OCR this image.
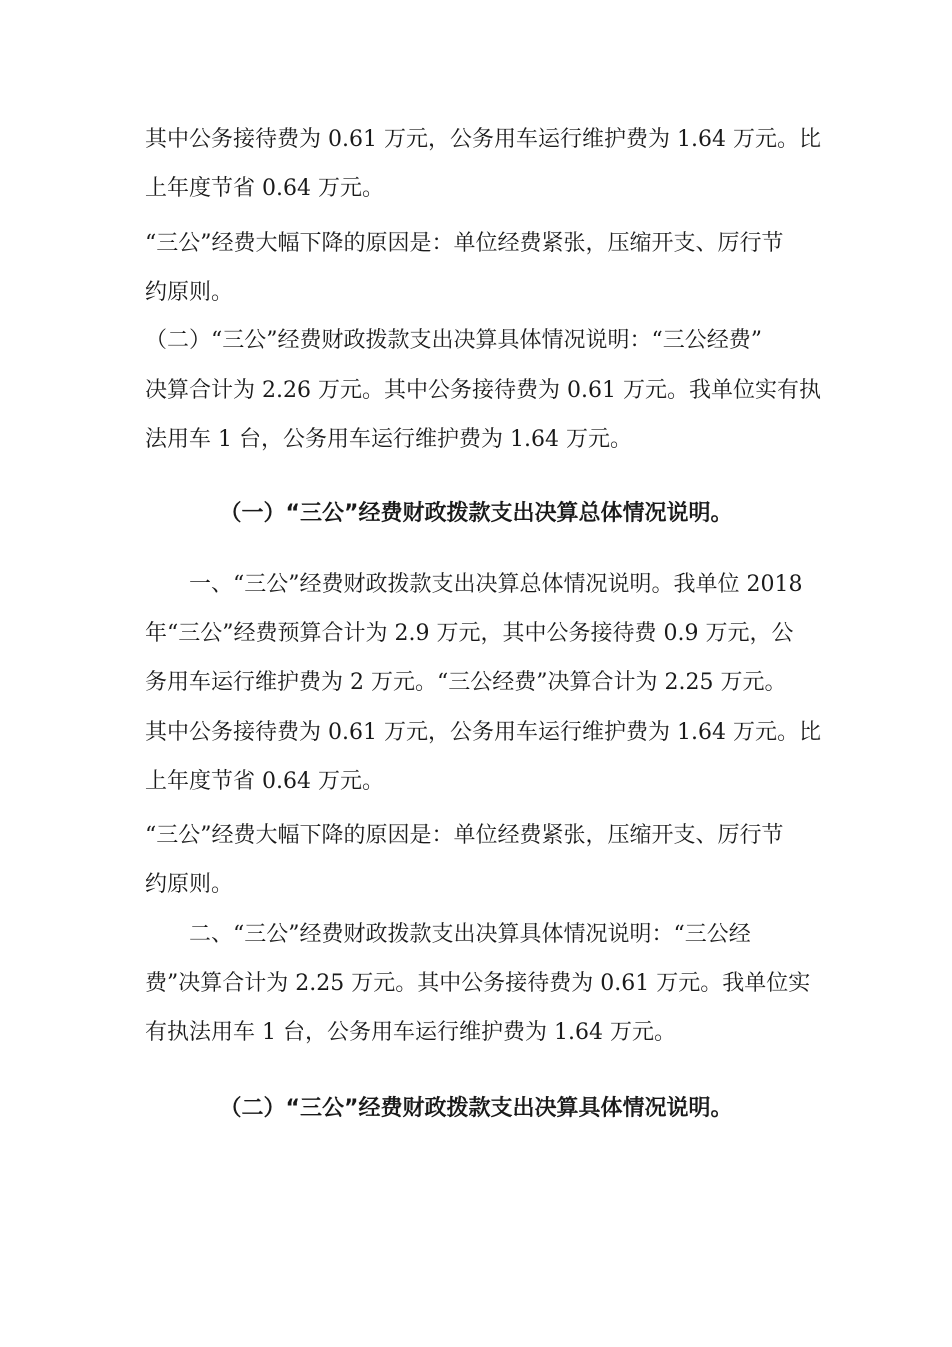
其中公务接待费为 0.61 万元，公务用车运行维护费为 1.64 万元。比
上年度节省 0.64 万元。
“三公”经费大幅下降的原因是：单位经费紧张，压缩开支、厉行节
约原则。
（二）“三公”经费财政拨款支出决算具体情况说明：“三公经费”
决算合计为 2.26 万元。其中公务接待费为 0.61 万元。我单位实有执
法用车 1 台，公务用车运行维护费为 1.64 万元。
（一）“三公”经费财政拨款支出决算总体情况说明。
　　一、“三公”经费财政拨款支出决算总体情况说明。我单位 2018
年“三公”经费预算合计为 2.9 万元，其中公务接待费 0.9 万元，公
务用车运行维护费为 2 万元。“三公经费”决算合计为 2.25 万元。
其中公务接待费为 0.61 万元，公务用车运行维护费为 1.64 万元。比
上年度节省 0.64 万元。
“三公”经费大幅下降的原因是：单位经费紧张，压缩开支、厉行节
约原则。
　　二、“三公”经费财政拨款支出决算具体情况说明：“三公经
费”决算合计为 2.25 万元。其中公务接待费为 0.61 万元。我单位实
有执法用车 1 台，公务用车运行维护费为 1.64 万元。
（二）“三公”经费财政拨款支出决算具体情况说明。
